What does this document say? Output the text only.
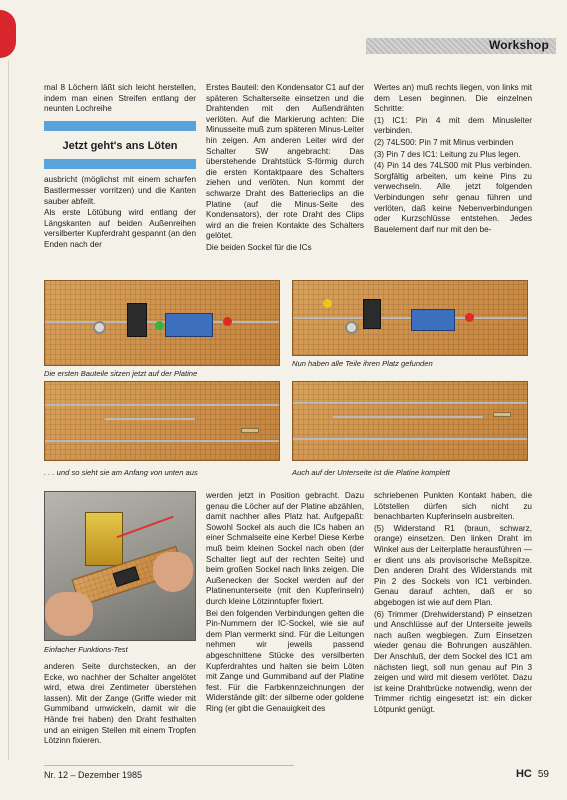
Workshop

mal 8 Löchern läßt sich leicht herstellen, indem man einen Streifen entlang der neunten Lochreihe

Jetzt geht's ans Löten

ausbricht (möglichst mit einem scharfen Bastlermesser vorritzen) und die Kanten sauber abfeilt.

Als erste Lötübung wird entlang der Längskanten auf beiden Außenreihen versilberter Kupferdraht gespannt (an den Enden nach der

Erstes Bauteil: den Kondensator C1 auf der späteren Schalterseite einsetzen und die Drahtenden mit den Außendrähten verlöten. Auf die Markierung achten: Die Minusseite muß zum späteren Minus-Leiter hin zeigen. Am anderen Leiter wird der Schalter SW angebracht: Das überstehende Drahtstück S-förmig durch die ersten Kontaktpaare des Schalters ziehen und verlöten. Nun kommt der schwarze Draht des Batterieclips an die Platine (auf die Minus-Seite des Kondensators), der rote Draht des Clips wird an die freien Kontakte des Schalters gelötet.

Die beiden Sockel für die ICs

Wertes an) muß rechts liegen, von links mit dem Lesen beginnen. Die einzelnen Schritte:

(1) IC1: Pin 4 mit dem Minusleiter verbinden.

(2) 74LS00: Pin 7 mit Minus verbinden

(3) Pin 7 des IC1: Leitung zu Plus legen.

(4) Pin 14 des 74LS00 mit Plus verbinden. Sorgfältig arbeiten, um keine Pins zu verwechseln. Alle jetzt folgenden Verbindungen sehr genau führen und verlöten, daß keine Nebenverbindungen oder Kurzschlüsse entstehen. Jedes Bauelement darf nur mit den be-

Die ersten Bauteile sitzen jetzt auf der Platine
Nun haben alle Teile ihren Platz gefunden
. . . und so sieht sie am Anfang von unten aus	Auch auf der Unterseite ist die Platine komplett
Einfacher Funktions-Test

anderen Seite durchstecken, an der Ecke, wo nachher der Schalter angelötet wird, etwa drei Zentimeter überstehen lassen). Mit der Zange (Griffe wieder mit Gummiband umwickeln, damit wir die Hände frei haben) den Draht festhalten und an einigen Stellen mit einem Tropfen Lötzinn fixieren.

werden jetzt in Position gebracht. Dazu genau die Löcher auf der Platine abzählen, damit nachher alles Platz hat. Aufgepaßt: Sowohl Sockel als auch die ICs haben an einer Schmalseite eine Kerbe! Diese Kerbe muß beim kleinen Sockel nach oben (der Schalter liegt auf der rechten Seite) und beim großen Sockel nach links zeigen. Die Außenecken der Sockel werden auf der Platinenunterseite (mit den Kupferinseln) durch kleine Lötzinntupfer fixiert.

Bei den folgenden Verbindungen gelten die Pin-Nummern der IC-Sockel, wie sie auf dem Plan vermerkt sind. Für die Leitungen nehmen wir jeweils passend abgeschnittene Stücke des versilberten Kupferdrahtes und halten sie beim Löten mit Zange und Gummiband auf der Platine fest. Für die Farbkennzeichnungen der Widerstände gilt: der silberne oder goldene Ring (er gibt die Genauigkeit des

schriebenen Punkten Kontakt haben, die Lötstellen dürfen sich nicht zu benachbarten Kupferinseln ausbreiten.

(5) Widerstand R1 (braun, schwarz, orange) einsetzen. Den linken Draht im Winkel aus der Leiterplatte herausführen — er dient uns als provisorische Meßspitze. Den anderen Draht des Widerstands mit Pin 2 des Sockels von IC1 verbinden. Genau darauf achten, daß er so abgebogen ist wie auf dem Plan.

(6) Trimmer (Drehwiderstand) P einsetzen und Anschlüsse auf der Unterseite jeweils nach außen wegbiegen. Zum Einsetzen wieder genau die Bohrungen auszählen. Der Anschluß, der dem Sockel des IC1 am nächsten liegt, soll nun genau auf Pin 3 zeigen und wird mit diesem verlötet. Dazu ist keine Drahtbrücke notwendig, wenn der Trimmer richtig eingesetzt ist: ein dicker Lötpunkt genügt.

Nr. 12 – Dezember 1985	HC 59
